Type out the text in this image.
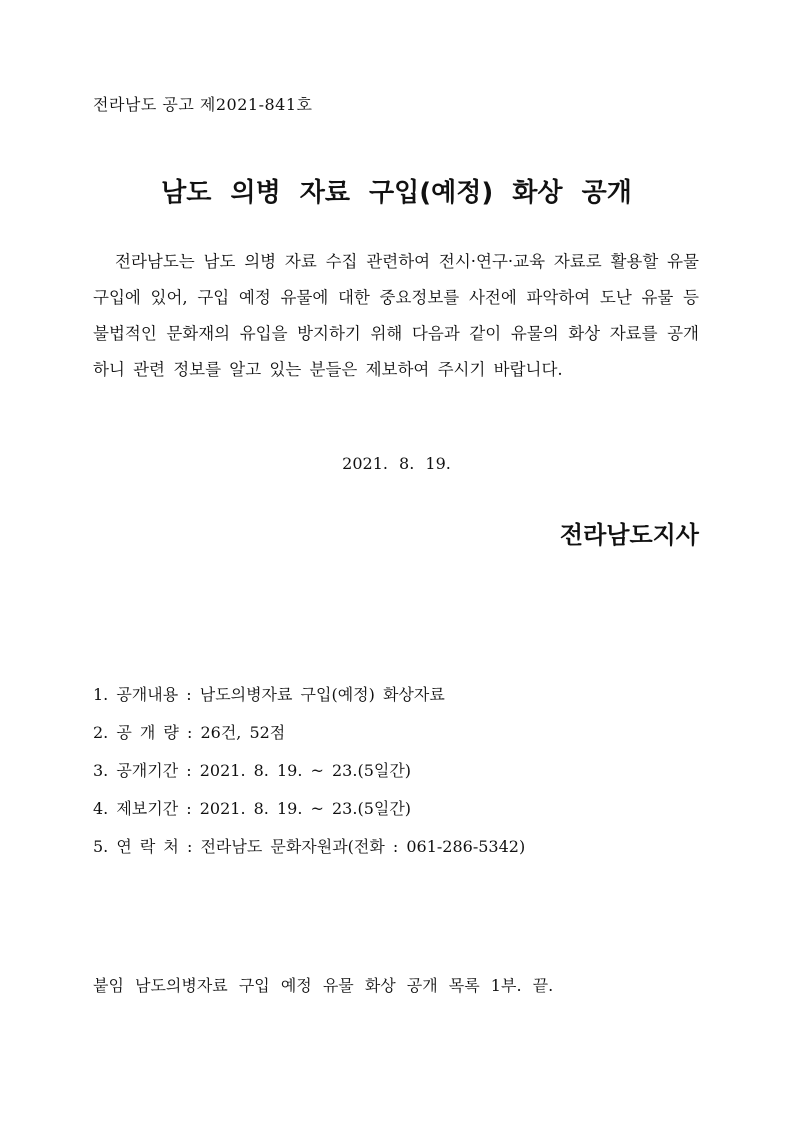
전라남도 공고 제2021-841호
남도 의병 자료 구입(예정) 화상 공개

전라남도는 남도 의병 자료 수집 관련하여 전시·연구·교육 자료로 활용할 유물 구입에 있어, 구입 예정 유물에 대한 중요정보를 사전에 파악하여 도난 유물 등 불법적인 문화재의 유입을 방지하기 위해 다음과 같이 유물의 화상 자료를 공개하니 관련 정보를 알고 있는 분들은 제보하여 주시기 바랍니다.

2021. 8. 19.
전라남도지사
1. 공개내용 : 남도의병자료 구입(예정) 화상자료
2. 공 개 량 : 26건, 52점
3. 공개기간 : 2021. 8. 19. ~ 23.(5일간)
4. 제보기간 : 2021. 8. 19. ~ 23.(5일간)
5. 연 락 처 : 전라남도 문화자원과(전화 : 061-286-5342)
붙임 남도의병자료 구입 예정 유물 화상 공개 목록 1부. 끝.
